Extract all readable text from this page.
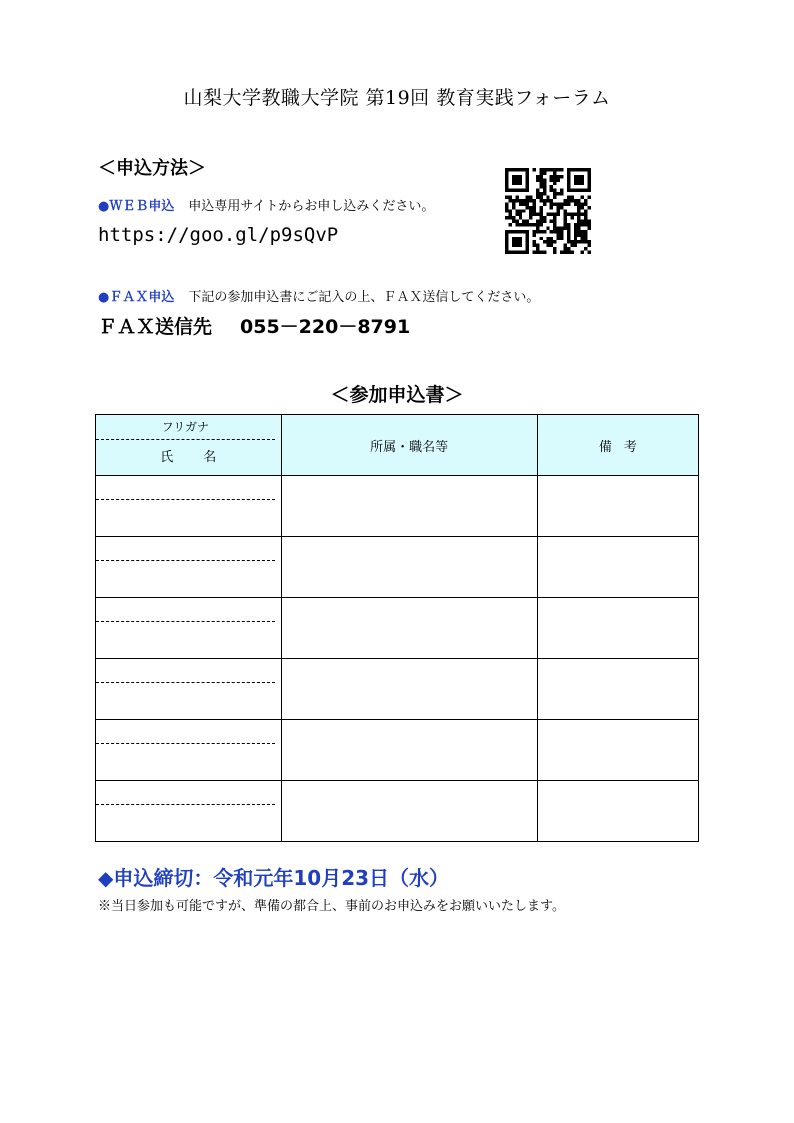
山梨大学教職大学院 第19回 教育実践フォーラム
＜申込方法＞
●ＷＥＢ申込 申込専用サイトからお申し込みください。
https://goo.gl/p9sQvP
●ＦＡＸ申込 下記の参加申込書にご記入の上、ＦＡＸ送信してください。
ＦＡＸ送信先 055－220－8791
＜参加申込書＞
フリガナ
氏名	所属・職名等	備考

◆申込締切：令和元年10月23日（水）
※当日参加も可能ですが、準備の都合上、事前のお申込みをお願いいたします。
